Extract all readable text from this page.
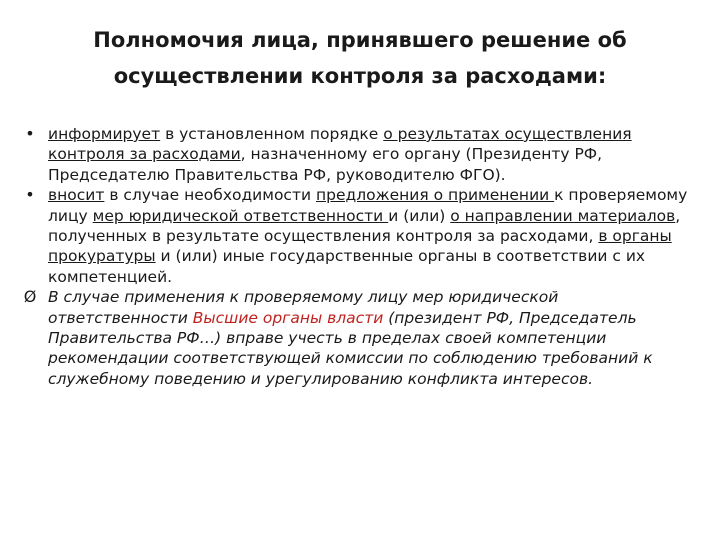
Полномочия лица, принявшего решение об
осуществлении контроля за расходами:
• информирует в установленном порядке о результатах осуществления контроля за расходами, назначенному его органу (Президенту РФ, Председателю Правительства РФ, руководителю ФГО).
• вносит в случае необходимости предложения о применении к проверяемому лицу мер юридической ответственности и (или) о направлении материалов, полученных в результате осуществления контроля за расходами, в органы прокуратуры и (или) иные государственные органы в соответствии с их компетенцией.
Ø В случае применения к проверяемому лицу мер юридической ответственности Высшие органы власти (президент РФ, Председатель Правительства РФ…) вправе учесть в пределах своей компетенции рекомендации соответствующей комиссии по соблюдению требований к служебному поведению и урегулированию конфликта интересов.
